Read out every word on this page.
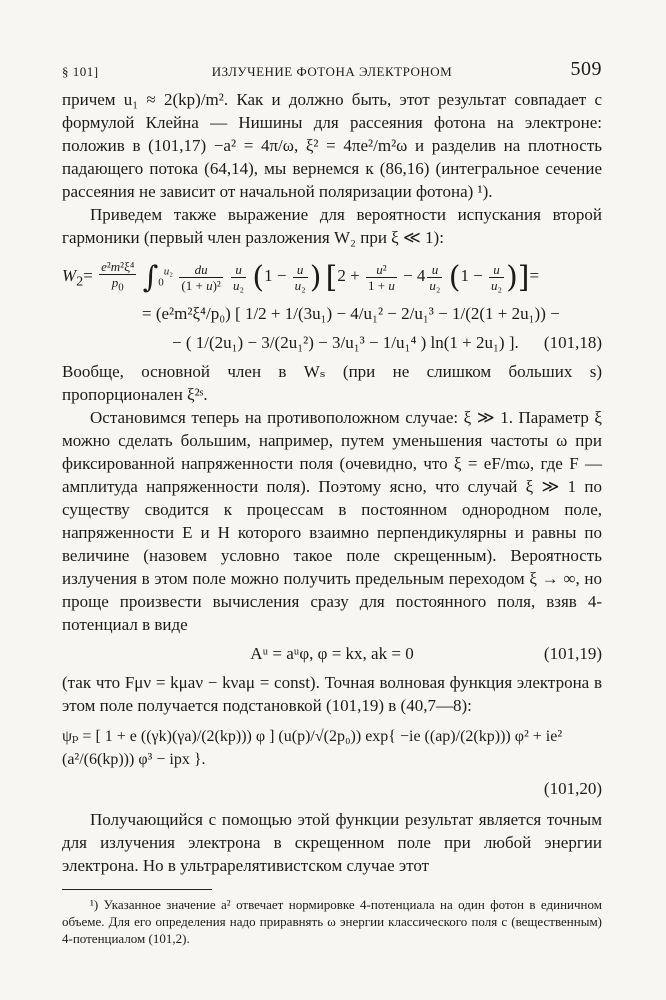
§ 101]	ИЗЛУЧЕНИЕ ФОТОНА ЭЛЕКТРОНОМ	509

причем u₁ ≈ 2(kp)/m². Как и должно быть, этот результат совпадает с формулой Клейна — Нишины для рассеяния фотона на электроне: положив в (101,17) −a² = 4π/ω, ξ² = 4πe²/m²ω и разделив на плотность падающего потока (64,14), мы вернемся к (86,16) (интегральное сечение рассеяния не зависит от начальной поляризации фотона) ¹).

Приведем также выражение для вероятности испускания второй гармоники (первый член разложения W₂ при ξ ≪ 1):

$W_2= \frac{\text{e²m²ξ⁴}}{p_0} \int_0^{u_2} \frac{du}{\text{(1 + u)²}}$
$\frac{u}{\text{u₂}} (1 - \frac{u}{\text{u₂}}$ ) [$2 + \frac{\text{u²}}{1 + u} - 4 \frac{u}{\text{u₂}} (1 - \frac{u}{\text{u₂}}$ )]=
= (e²m²ξ⁴/p₀) [ 1/2 + 1/(3u₁) − 4/u₁² − 2/u₁³ − 1/(2(1 + 2u₁)) −
− ( 1/(2u₁) − 3/(2u₁²) − 3/u₁³ − 1/u₁⁴ ) ln(1 + 2u₁) ]. (101,18)

Вообще, основной член в Wₛ (при не слишком больших s) пропорционален ξ²ˢ.

Остановимся теперь на противоположном случае: ξ ≫ 1. Параметр ξ можно сделать большим, например, путем уменьшения частоты ω при фиксированной напряженности поля (очевидно, что ξ = eF/mω, где F — амплитуда напряженности поля). Поэтому ясно, что случай ξ ≫ 1 по существу сводится к процессам в постоянном однородном поле, напряженности E и H которого взаимно перпендикулярны и равны по величине (назовем условно такое поле скрещенным). Вероятность излучения в этом поле можно получить предельным переходом ξ → ∞, но проще произвести вычисления сразу для постоянного поля, взяв 4-потенциал в виде

Aᵘ = aᵘφ, φ = kx, ak = 0	(101,19)

(так что Fμν = kμaν − kνaμ = const). Точная волновая функция электрона в этом поле получается подстановкой (101,19) в (40,7—8):

ψₚ = [ 1 + e ((γk)(γa)/(2(kp))) φ ] (u(p)/√(2p₀)) exp{ −ie ((ap)/(2(kp))) φ² + ie² (a²/(6(kp))) φ³ − ipx }.
(101,20)

Получающийся с помощью этой функции результат является точным для излучения электрона в скрещенном поле при любой энергии электрона. Но в ультрарелятивистском случае этот

¹) Указанное значение a² отвечает нормировке 4-потенциала на один фотон в единичном объеме. Для его определения надо приравнять ω энергии классического поля с (вещественным) 4-потенциалом (101,2).
